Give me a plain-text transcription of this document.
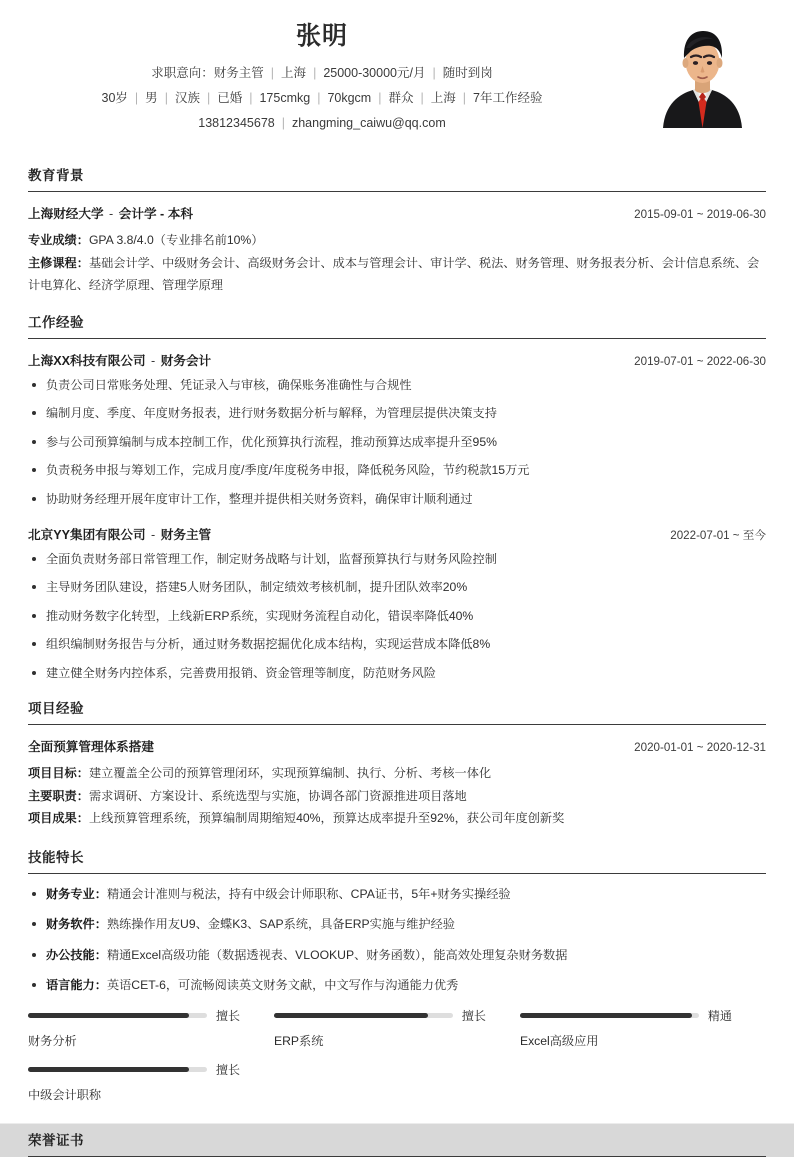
张明
求职意向：财务主管 | 上海 | 25000-30000元/月 | 随时到岗
30岁 | 男 | 汉族 | 已婚 | 175cmkg | 70kgcm | 群众 | 上海 | 7年工作经验
13812345678 | zhangming_caiwu@qq.com
教育背景
上海财经大学 - 会计学 - 本科	2015-09-01 ~ 2019-06-30
专业成绩：GPA 3.8/4.0（专业排名前10%）
主修课程：基础会计学、中级财务会计、高级财务会计、成本与管理会计、审计学、税法、财务管理、财务报表分析、会计信息系统、会计电算化、经济学原理、管理学原理
工作经验
上海XX科技有限公司 - 财务会计	2019-07-01 ~ 2022-06-30
负责公司日常账务处理、凭证录入与审核，确保账务准确性与合规性
编制月度、季度、年度财务报表，进行财务数据分析与解释，为管理层提供决策支持
参与公司预算编制与成本控制工作，优化预算执行流程，推动预算达成率提升至95%
负责税务申报与筹划工作，完成月度/季度/年度税务申报，降低税务风险，节约税款15万元
协助财务经理开展年度审计工作，整理并提供相关财务资料，确保审计顺利通过
北京YY集团有限公司 - 财务主管	2022-07-01 ~ 至今
全面负责财务部日常管理工作，制定财务战略与计划，监督预算执行与财务风险控制
主导财务团队建设，搭建5人财务团队，制定绩效考核机制，提升团队效率20%
推动财务数字化转型，上线新ERP系统，实现财务流程自动化，错误率降低40%
组织编制财务报告与分析，通过财务数据挖掘优化成本结构，实现运营成本降低8%
建立健全财务内控体系，完善费用报销、资金管理等制度，防范财务风险
项目经验
全面预算管理体系搭建	2020-01-01 ~ 2020-12-31
项目目标：建立覆盖全公司的预算管理闭环，实现预算编制、执行、分析、考核一体化
主要职责：需求调研、方案设计、系统选型与实施，协调各部门资源推进项目落地
项目成果：上线预算管理系统，预算编制周期缩短40%，预算达成率提升至92%，获公司年度创新奖
技能特长
财务专业：精通会计准则与税法，持有中级会计师职称、CPA证书，5年+财务实操经验
财务软件：熟练操作用友U9、金蝶K3、SAP系统，具备ERP实施与维护经验
办公技能：精通Excel高级功能（数据透视表、VLOOKUP、财务函数），能高效处理复杂财务数据
语言能力：英语CET-6，可流畅阅读英文财务文献，中文写作与沟通能力优秀
擅长
财务分析
擅长
ERP系统
精通
Excel高级应用
擅长
中级会计职称
荣誉证书
